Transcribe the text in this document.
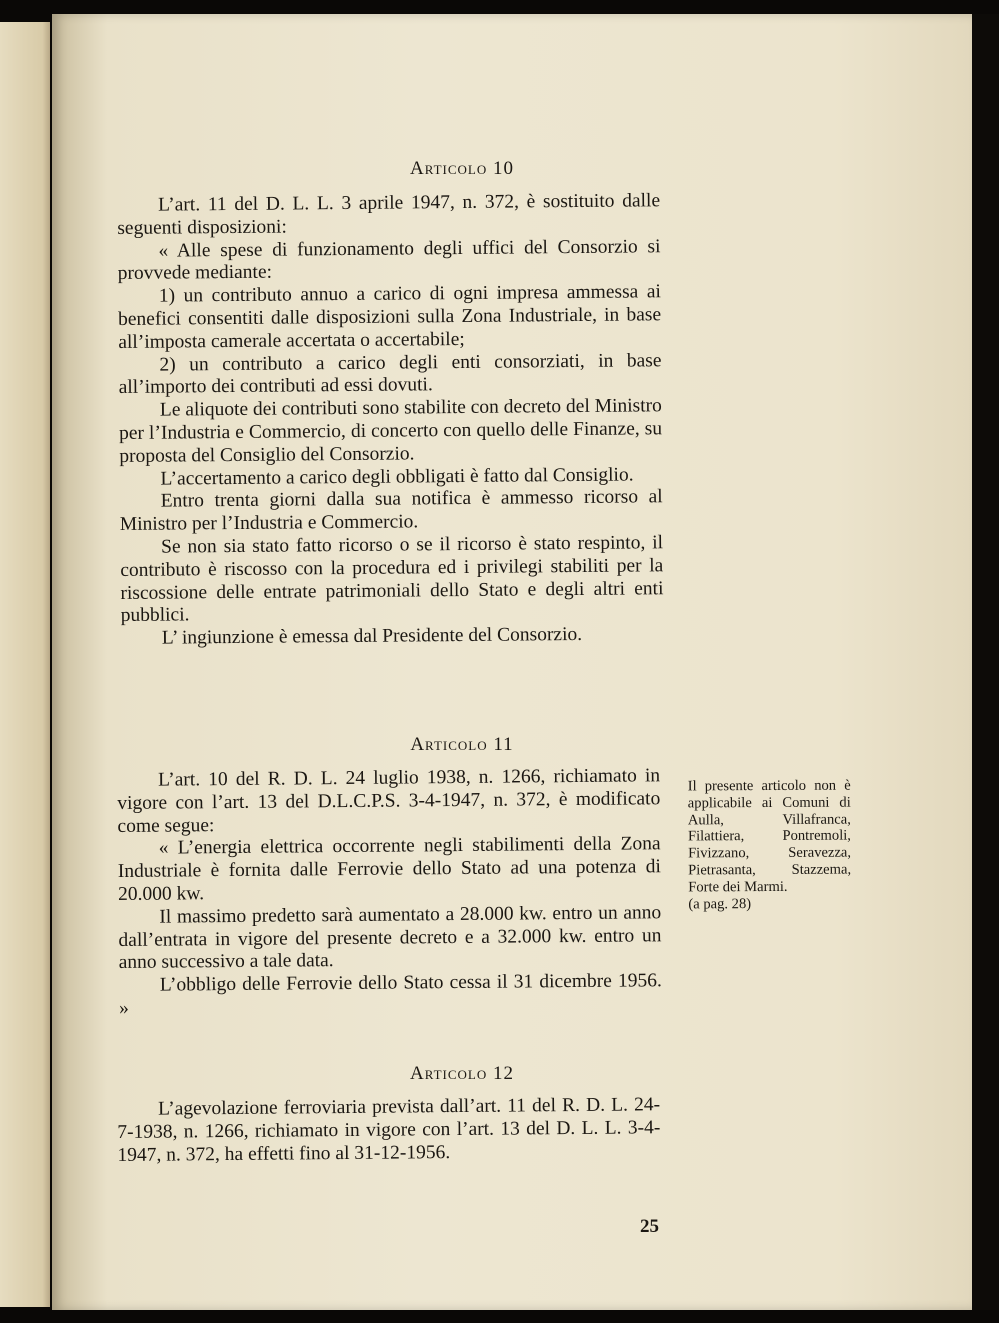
Articolo 10

L’art. 11 del D. L. L. 3 aprile 1947, n. 372, è sostituito dalle seguenti disposizioni:

« Alle spese di funzionamento degli uffici del Consorzio si provvede mediante:

1) un contributo annuo a carico di ogni impresa ammessa ai benefici consentiti dalle disposizioni sulla Zona Industriale, in base all’imposta camerale accertata o accertabile;

2) un contributo a carico degli enti consorziati, in base all’importo dei contributi ad essi dovuti.

Le aliquote dei contributi sono stabilite con decreto del Ministro per l’Industria e Commercio, di concerto con quello delle Finanze, su proposta del Consiglio del Consorzio.

L’accertamento a carico degli obbligati è fatto dal Consiglio.

Entro trenta giorni dalla sua notifica è ammesso ricorso al Ministro per l’Industria e Commercio.

Se non sia stato fatto ricorso o se il ricorso è stato respinto, il contributo è riscosso con la procedura ed i privilegi stabiliti per la riscossione delle entrate patrimoniali dello Stato e degli altri enti pubblici.

L’ ingiunzione è emessa dal Presidente del Consorzio.

Articolo 11

L’art. 10 del R. D. L. 24 luglio 1938, n. 1266, richiamato in vigore con l’art. 13 del D.L.C.P.S. 3-4-1947, n. 372, è modificato come segue:

« L’energia elettrica occorrente negli stabilimenti della Zona Industriale è fornita dalle Ferrovie dello Stato ad una potenza di 20.000 kw.

Il massimo predetto sarà aumentato a 28.000 kw. entro un anno dall’entrata in vigore del presente decreto e a 32.000 kw. entro un anno successivo a tale data.

L’obbligo delle Ferrovie dello Stato cessa il 31 dicembre 1956. »

Il presente articolo non è applicabile ai Comuni di Aulla, Villafranca, Filattiera, Pontremoli, Fivizzano, Seravezza, Pietrasanta, Stazzema, Forte dei Marmi.
(a pag. 28)
Articolo 12

L’agevolazione ferroviaria prevista dall’art. 11 del R. D. L. 24-7-1938, n. 1266, richiamato in vigore con l’art. 13 del D. L. L. 3-4-1947, n. 372, ha effetti fino al 31-12-1956.

25
